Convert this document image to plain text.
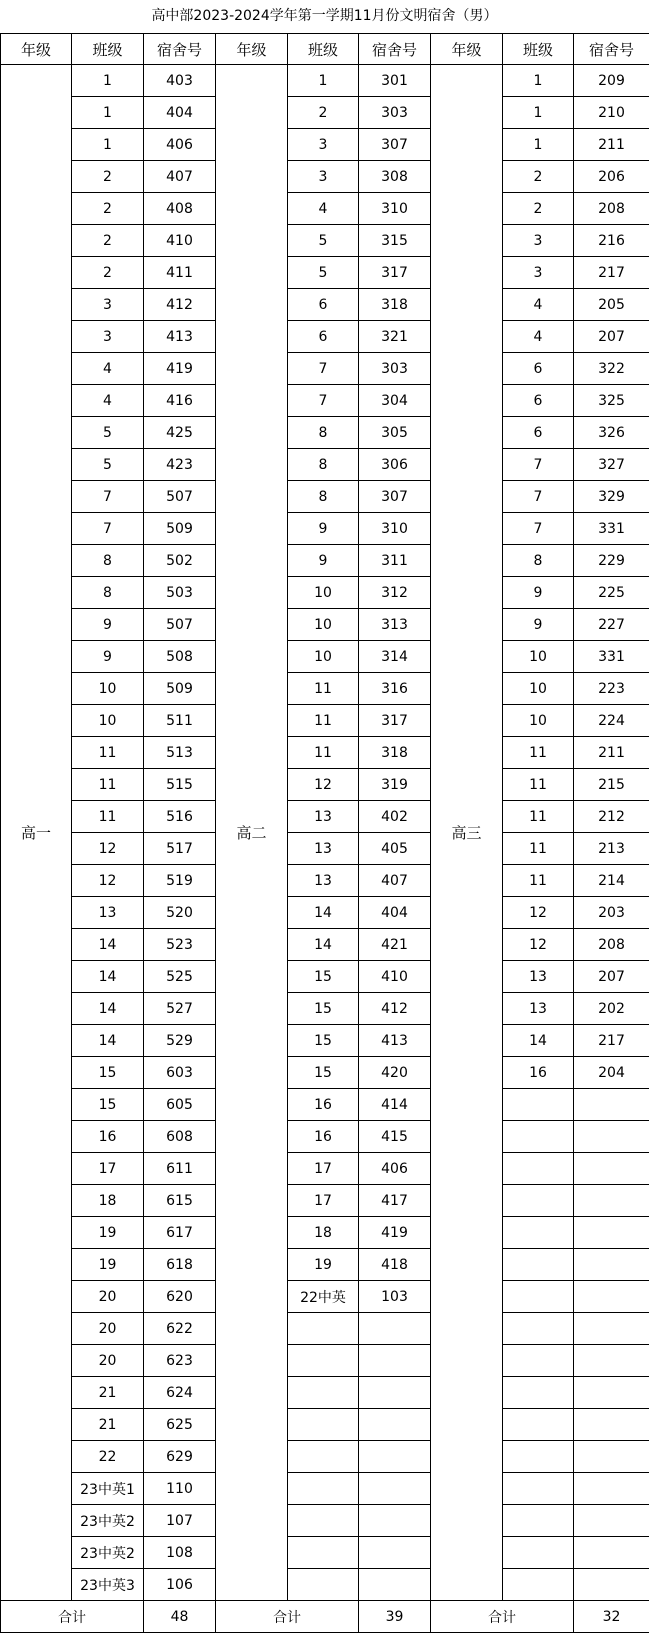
高中部2023-2024学年第一学期11月份文明宿舍（男）
年级	班级	宿舍号	年级	班级	宿舍号	年级	班级	宿舍号
高一	1	403	高二	1	301	高三	1	209
	1	404		2	303		1	210
	1	406		3	307		1	211
	2	407		3	308		2	206
	2	408		4	310		2	208
	2	410		5	315		3	216
	2	411		5	317		3	217
	3	412		6	318		4	205
	3	413		6	321		4	207
	4	419		7	303		6	322
	4	416		7	304		6	325
	5	425		8	305		6	326
	5	423		8	306		7	327
	7	507		8	307		7	329
	7	509		9	310		7	331
	8	502		9	311		8	229
	8	503		10	312		9	225
	9	507		10	313		9	227
	9	508		10	314		10	331
	10	509		11	316		10	223
	10	511		11	317		10	224
	11	513		11	318		11	211
	11	515		12	319		11	215
	11	516		13	402		11	212
	12	517		13	405		11	213
	12	519		13	407		11	214
	13	520		14	404		12	203
	14	523		14	421		12	208
	14	525		15	410		13	207
	14	527		15	412		13	202
	14	529		15	413		14	217
	15	603		15	420		16	204
	15	605		16	414			
	16	608		16	415			
	17	611		17	406			
	18	615		17	417			
	19	617		18	419			
	19	618		19	418			
	20	620		22中英	103			
	20	622						
	20	623						
	21	624						
	21	625						
	22	629						
	23中英1	110						
	23中英2	107						
	23中英2	108						
	23中英3	106						
合计		48	合计		39	合计		32
